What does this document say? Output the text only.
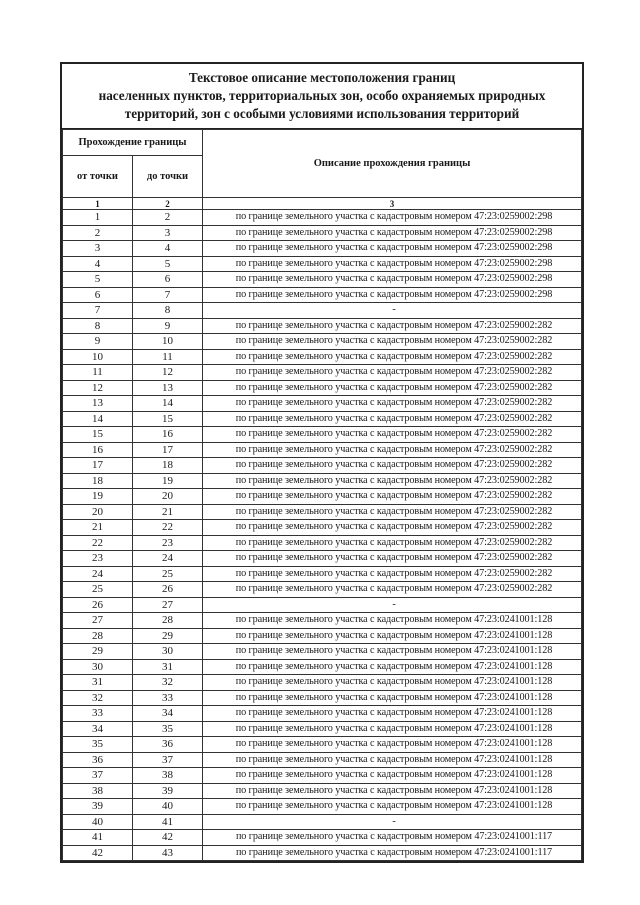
Текстовое описание местоположения границ
населенных пунктов, территориальных зон, особо охраняемых природных
территорий, зон с особыми условиями использования территорий
Прохождение границы		Описание прохождения границы
от точки	до точки	
1	2	3
1	2	по границе земельного участка с кадастровым номером 47:23:0259002:298
2	3	по границе земельного участка с кадастровым номером 47:23:0259002:298
3	4	по границе земельного участка с кадастровым номером 47:23:0259002:298
4	5	по границе земельного участка с кадастровым номером 47:23:0259002:298
5	6	по границе земельного участка с кадастровым номером 47:23:0259002:298
6	7	по границе земельного участка с кадастровым номером 47:23:0259002:298
7	8	-
8	9	по границе земельного участка с кадастровым номером 47:23:0259002:282
9	10	по границе земельного участка с кадастровым номером 47:23:0259002:282
10	11	по границе земельного участка с кадастровым номером 47:23:0259002:282
11	12	по границе земельного участка с кадастровым номером 47:23:0259002:282
12	13	по границе земельного участка с кадастровым номером 47:23:0259002:282
13	14	по границе земельного участка с кадастровым номером 47:23:0259002:282
14	15	по границе земельного участка с кадастровым номером 47:23:0259002:282
15	16	по границе земельного участка с кадастровым номером 47:23:0259002:282
16	17	по границе земельного участка с кадастровым номером 47:23:0259002:282
17	18	по границе земельного участка с кадастровым номером 47:23:0259002:282
18	19	по границе земельного участка с кадастровым номером 47:23:0259002:282
19	20	по границе земельного участка с кадастровым номером 47:23:0259002:282
20	21	по границе земельного участка с кадастровым номером 47:23:0259002:282
21	22	по границе земельного участка с кадастровым номером 47:23:0259002:282
22	23	по границе земельного участка с кадастровым номером 47:23:0259002:282
23	24	по границе земельного участка с кадастровым номером 47:23:0259002:282
24	25	по границе земельного участка с кадастровым номером 47:23:0259002:282
25	26	по границе земельного участка с кадастровым номером 47:23:0259002:282
26	27	-
27	28	по границе земельного участка с кадастровым номером 47:23:0241001:128
28	29	по границе земельного участка с кадастровым номером 47:23:0241001:128
29	30	по границе земельного участка с кадастровым номером 47:23:0241001:128
30	31	по границе земельного участка с кадастровым номером 47:23:0241001:128
31	32	по границе земельного участка с кадастровым номером 47:23:0241001:128
32	33	по границе земельного участка с кадастровым номером 47:23:0241001:128
33	34	по границе земельного участка с кадастровым номером 47:23:0241001:128
34	35	по границе земельного участка с кадастровым номером 47:23:0241001:128
35	36	по границе земельного участка с кадастровым номером 47:23:0241001:128
36	37	по границе земельного участка с кадастровым номером 47:23:0241001:128
37	38	по границе земельного участка с кадастровым номером 47:23:0241001:128
38	39	по границе земельного участка с кадастровым номером 47:23:0241001:128
39	40	по границе земельного участка с кадастровым номером 47:23:0241001:128
40	41	-
41	42	по границе земельного участка с кадастровым номером 47:23:0241001:117
42	43	по границе земельного участка с кадастровым номером 47:23:0241001:117
